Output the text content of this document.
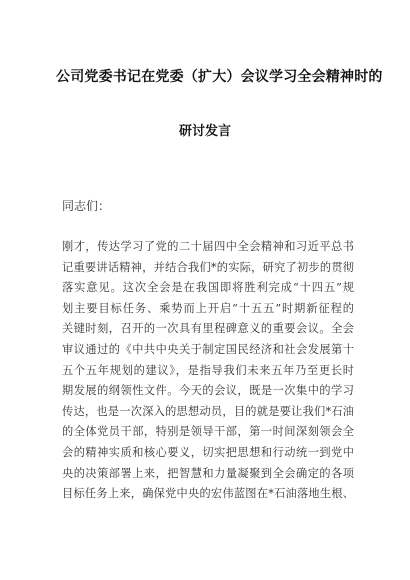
公司党委书记在党委（扩大）会议学习全会精神时的
研讨发言
同志们：
刚才，传达学习了党的二十届四中全会精神和习近平总书
记重要讲话精神，并结合我们*的实际，研究了初步的贯彻
落实意见。这次全会是在我国即将胜利完成“十四五”规
划主要目标任务、乘势而上开启“十五五”时期新征程的
关键时刻，召开的一次具有里程碑意义的重要会议。全会
审议通过的《中共中央关于制定国民经济和社会发展第十
五个五年规划的建议》，是指导我们未来五年乃至更长时
期发展的纲领性文件。今天的会议，既是一次集中的学习
传达，也是一次深入的思想动员，目的就是要让我们*石油
的全体党员干部，特别是领导干部，第一时间深刻领会全
会的精神实质和核心要义，切实把思想和行动统一到党中
央的决策部署上来，把智慧和力量凝聚到全会确定的各项
目标任务上来，确保党中央的宏伟蓝图在*石油落地生根、
